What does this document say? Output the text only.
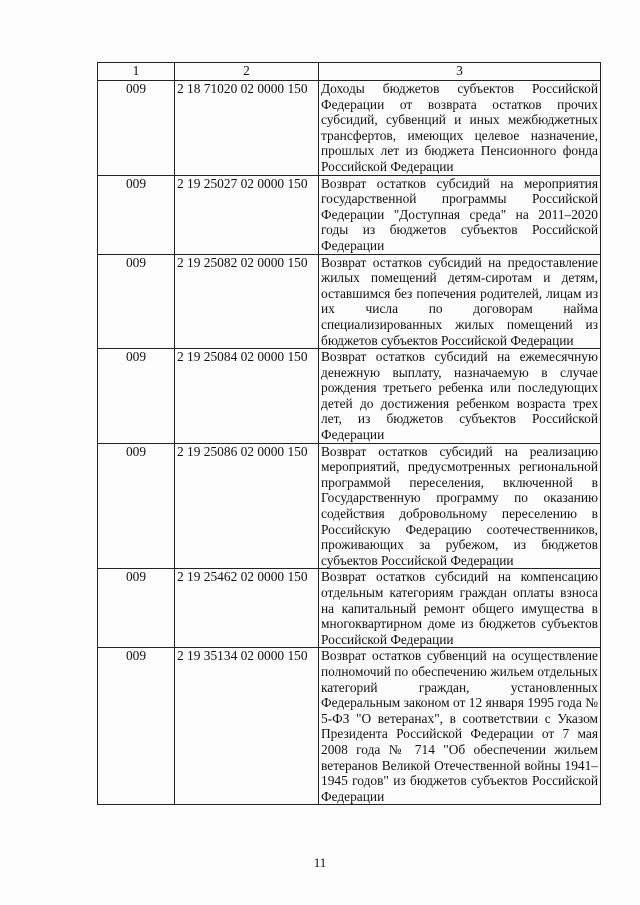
1	2	3
009	2 18 71020 02 0000 150	Доходы бюджетов субъектов Российской Федерации от возврата остатков прочих субсидий, субвенций и иных межбюджетных трансфертов, имеющих целевое назначение, прошлых лет из бюджета Пенсионного фонда Российской Федерации
009	2 19 25027 02 0000 150	Возврат остатков субсидий на мероприятия государственной программы Российской Федерации "Доступная среда" на 2011–2020 годы из бюджетов субъектов Российской Федерации
009	2 19 25082 02 0000 150	Возврат остатков субсидий на предоставление жилых помещений детям-сиротам и детям, оставшимся без попечения родителей, лицам из их числа по договорам найма специализированных жилых помещений из бюджетов субъектов Российской Федерации
009	2 19 25084 02 0000 150	Возврат остатков субсидий на ежемесячную денежную выплату, назначаемую в случае рождения третьего ребенка или последующих детей до достижения ребенком возраста трех лет, из бюджетов субъектов Российской Федерации
009	2 19 25086 02 0000 150	Возврат остатков субсидий на реализацию мероприятий, предусмотренных региональной программой переселения, включенной в Государственную программу по оказанию содействия добровольному переселению в Российскую Федерацию соотечественников, проживающих за рубежом, из бюджетов субъектов Российской Федерации
009	2 19 25462 02 0000 150	Возврат остатков субсидий на компенсацию отдельным категориям граждан оплаты взноса на капитальный ремонт общего имущества в многоквартирном доме из бюджетов субъектов Российской Федерации
009	2 19 35134 02 0000 150	Возврат остатков субвенций на осуществление полномочий по обеспечению жильем отдельных категорий граждан, установленных Федеральным законом от 12 января 1995 года № 5-ФЗ "О ветеранах", в соответствии с Указом Президента Российской Федерации от 7 мая 2008 года № 714 "Об обеспечении жильем ветеранов Великой Отечественной войны 1941–1945 годов" из бюджетов субъектов Российской Федерации
11
